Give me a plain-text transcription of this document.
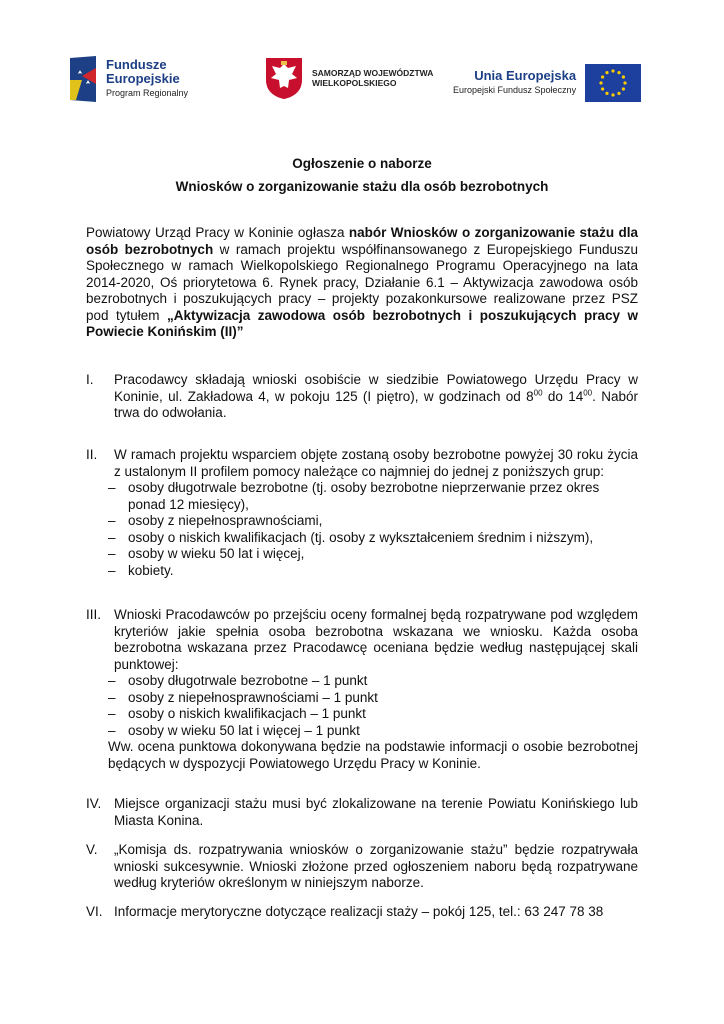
Fundusze
Europejskie
Program Regionalny
SAMORZĄD WOJEWÓDZTWA
WIELKOPOLSKIEGO	Unia Europejska
Europejski Fundusz Społeczny
Ogłoszenie o naborze
Wniosków o zorganizowanie stażu dla osób bezrobotnych

Powiatowy Urząd Pracy w Koninie ogłasza nabór Wniosków o zorganizowanie stażu dla osób bezrobotnych w ramach projektu współfinansowanego z Europejskiego Funduszu Społecznego w ramach Wielkopolskiego Regionalnego Programu Operacyjnego na lata 2014-2020, Oś priorytetowa 6. Rynek pracy, Działanie 6.1 – Aktywizacja zawodowa osób bezrobotnych i poszukujących pracy – projekty pozakonkursowe realizowane przez PSZ pod tytułem „Aktywizacja zawodowa osób bezrobotnych i poszukujących pracy w Powiecie Konińskim (II)”

I.	Pracodawcy składają wnioski osobiście w siedzibie Powiatowego Urzędu Pracy w Koninie, ul. Zakładowa 4, w pokoju 125 (I piętro), w godzinach od $8^{00}$ do $14^{00}$. Nabór trwa do odwołania.
II.	W ramach projektu wsparciem objęte zostaną osoby bezrobotne powyżej 30 roku życia z ustalonym II profilem pomocy należące co najmniej do jednej z poniższych grup:
– osoby długotrwale bezrobotne (tj. osoby bezrobotne nieprzerwanie przez okres ponad 12 miesięcy),
– osoby z niepełnosprawnościami,
– osoby o niskich kwalifikacjach (tj. osoby z wykształceniem średnim i niższym),
– osoby w wieku 50 lat i więcej,
– kobiety.
III. Wnioski Pracodawców po przejściu oceny formalnej będą rozpatrywane pod względem kryteriów jakie spełnia osoba bezrobotna wskazana we wniosku. Każda osoba bezrobotna wskazana przez Pracodawcę oceniana będzie według następującej skali punktowej:
– osoby długotrwale bezrobotne – 1 punkt
– osoby z niepełnosprawnościami – 1 punkt
– osoby o niskich kwalifikacjach – 1 punkt
– osoby w wieku 50 lat i więcej – 1 punkt
Ww. ocena punktowa dokonywana będzie na podstawie informacji o osobie bezrobotnej będących w dyspozycji Powiatowego Urzędu Pracy w Koninie.
IV. Miejsce organizacji stażu musi być zlokalizowane na terenie Powiatu Konińskiego lub Miasta Konina.
V.	„Komisja ds. rozpatrywania wniosków o zorganizowanie stażu” będzie rozpatrywała wnioski sukcesywnie. Wnioski złożone przed ogłoszeniem naboru będą rozpatrywane według kryteriów określonym w niniejszym naborze.
VI. Informacje merytoryczne dotyczące realizacji staży – pokój 125, tel.: 63 247 78 38
